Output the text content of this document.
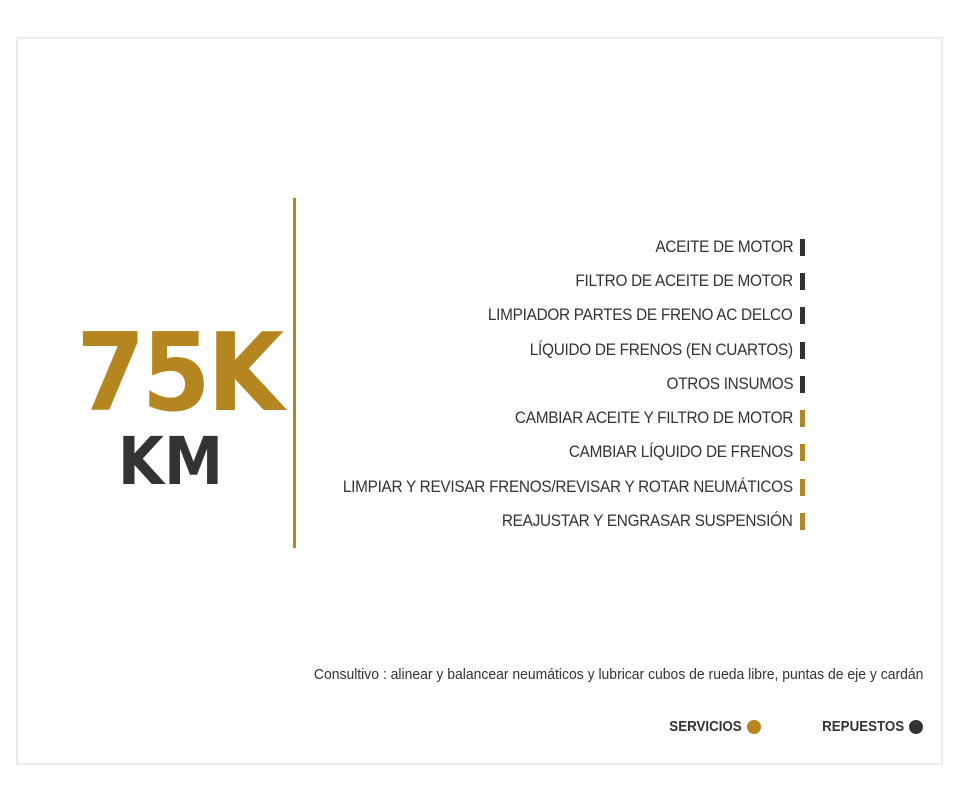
75K
KM
ACEITE DE MOTOR
FILTRO DE ACEITE DE MOTOR
LIMPIADOR PARTES DE FRENO AC DELCO
LÍQUIDO DE FRENOS (EN CUARTOS)
OTROS INSUMOS
CAMBIAR ACEITE Y FILTRO DE MOTOR
CAMBIAR LÍQUIDO DE FRENOS
LIMPIAR Y REVISAR FRENOS/REVISAR Y ROTAR NEUMÁTICOS
REAJUSTAR Y ENGRASAR SUSPENSIÓN
Consultivo : alinear y balancear neumáticos y lubricar cubos de rueda libre, puntas de eje y cardán
SERVICIOS	REPUESTOS
